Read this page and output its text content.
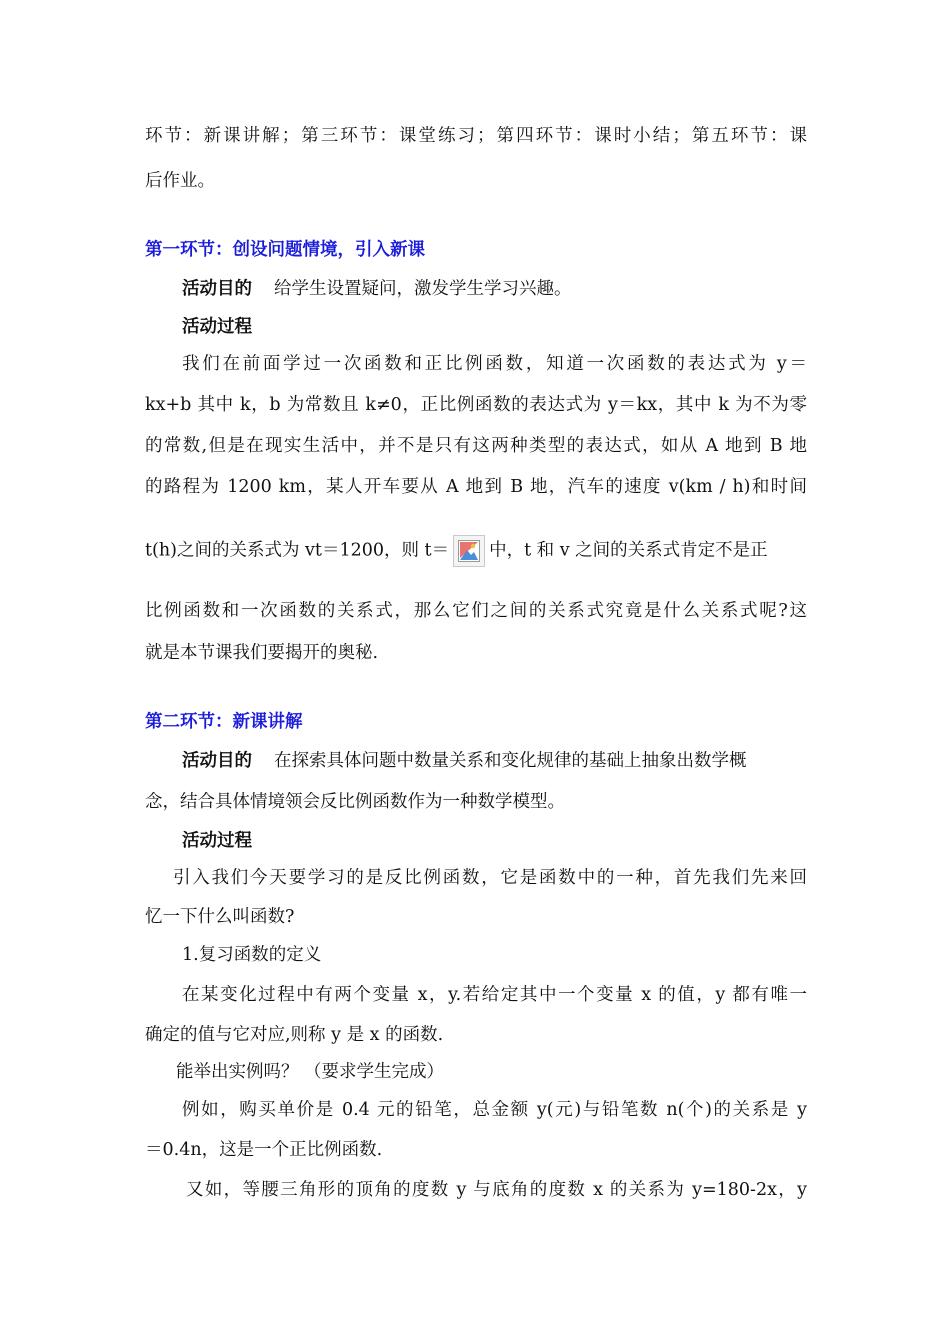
环节：新课讲解；第三环节：课堂练习；第四环节：课时小结；第五环节：课
后作业。
第一环节：创设问题情境，引入新课
活动目的 给学生设置疑问，激发学生学习兴趣。
活动过程
我们在前面学过一次函数和正比例函数，知道一次函数的表达式为 y＝
kx+b 其中 k，b 为常数且 k≠0，正比例函数的表达式为 y＝kx，其中 k 为不为零
的常数,但是在现实生活中，并不是只有这两种类型的表达式，如从 A 地到 B 地
的路程为 1200 km，某人开车要从 A 地到 B 地，汽车的速度 v(km / h)和时间
t(h)之间的关系式为 vt＝1200，则 t＝ 中，t 和 v 之间的关系式肯定不是正
比例函数和一次函数的关系式，那么它们之间的关系式究竟是什么关系式呢?这
就是本节课我们要揭开的奥秘.
第二环节：新课讲解
活动目的 在探索具体问题中数量关系和变化规律的基础上抽象出数学概
念，结合具体情境领会反比例函数作为一种数学模型。
活动过程
引入我们今天要学习的是反比例函数，它是函数中的一种，首先我们先来回
忆一下什么叫函数?
1.复习函数的定义
在某变化过程中有两个变量 x，y.若给定其中一个变量 x 的值，y 都有唯一
确定的值与它对应,则称 y 是 x 的函数.
能举出实例吗？ （要求学生完成）
例如，购买单价是 0.4 元的铅笔，总金额 y(元)与铅笔数 n(个)的关系是 y
＝0.4n，这是一个正比例函数.
又如，等腰三角形的顶角的度数 y 与底角的度数 x 的关系为 y=180-2x，y
